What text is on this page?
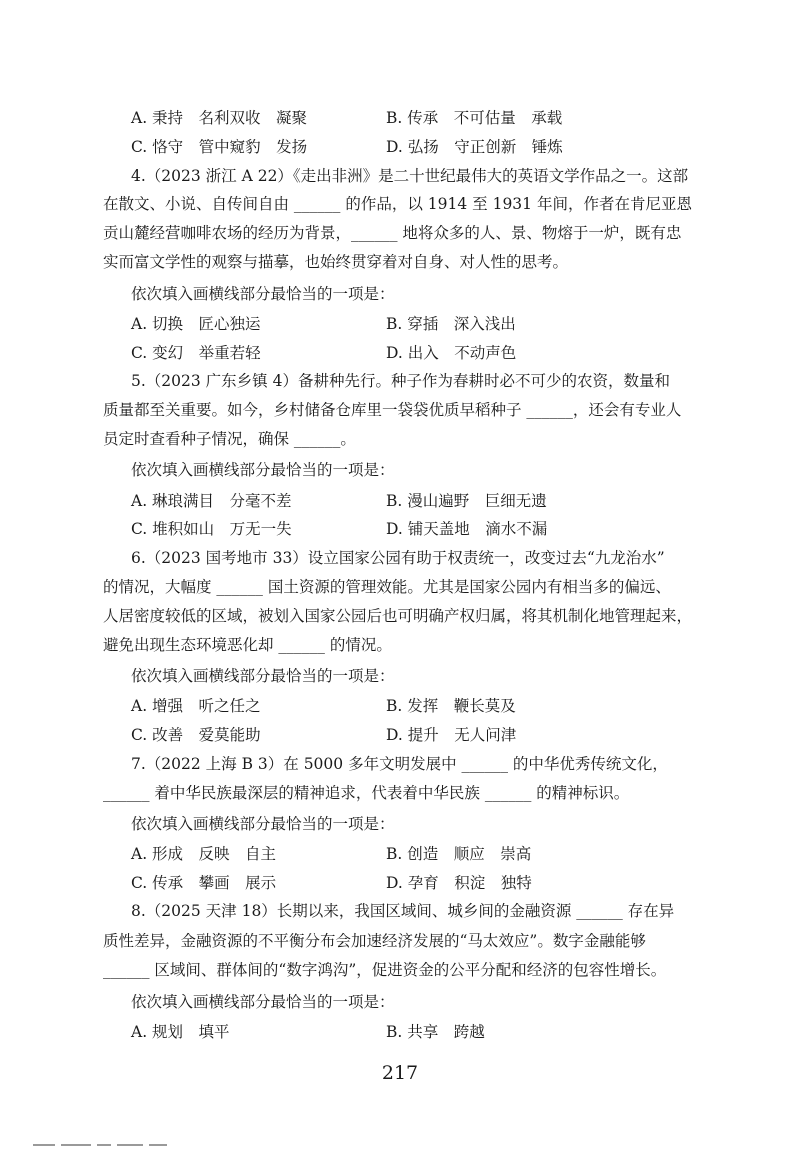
A. 秉持　名利双收　凝聚	B. 传承　不可估量　承载
C. 恪守　管中窥豹　发扬	D. 弘扬　守正创新　锤炼
4.（2023 浙江 A 22）《走出非洲》是二十世纪最伟大的英语文学作品之一。这部
在散文、小说、自传间自由 ______ 的作品，以 1914 至 1931 年间，作者在肯尼亚恩
贡山麓经营咖啡农场的经历为背景，______ 地将众多的人、景、物熔于一炉，既有忠
实而富文学性的观察与描摹，也始终贯穿着对自身、对人性的思考。
依次填入画横线部分最恰当的一项是：
A. 切换　匠心独运	B. 穿插　深入浅出
C. 变幻　举重若轻	D. 出入　不动声色
5.（2023 广东乡镇 4）备耕种先行。种子作为春耕时必不可少的农资，数量和
质量都至关重要。如今，乡村储备仓库里一袋袋优质早稻种子 ______，还会有专业人
员定时查看种子情况，确保 ______。
依次填入画横线部分最恰当的一项是：
A. 琳琅满目　分毫不差	B. 漫山遍野　巨细无遗
C. 堆积如山　万无一失	D. 铺天盖地　滴水不漏
6.（2023 国考地市 33）设立国家公园有助于权责统一，改变过去“九龙治水”
的情况，大幅度 ______ 国土资源的管理效能。尤其是国家公园内有相当多的偏远、
人居密度较低的区域，被划入国家公园后也可明确产权归属，将其机制化地管理起来，
避免出现生态环境恶化却 ______ 的情况。
依次填入画横线部分最恰当的一项是：
A. 增强　听之任之	B. 发挥　鞭长莫及
C. 改善　爱莫能助	D. 提升　无人问津
7.（2022 上海 B 3）在 5000 多年文明发展中 ______ 的中华优秀传统文化，
______ 着中华民族最深层的精神追求，代表着中华民族 ______ 的精神标识。
依次填入画横线部分最恰当的一项是：
A. 形成　反映　自主	B. 创造　顺应　崇高
C. 传承　攀画　展示	D. 孕育　积淀　独特
8.（2025 天津 18）长期以来，我国区域间、城乡间的金融资源 ______ 存在异
质性差异，金融资源的不平衡分布会加速经济发展的“马太效应”。数字金融能够
______ 区域间、群体间的“数字鸿沟”，促进资金的公平分配和经济的包容性增长。
依次填入画横线部分最恰当的一项是：
A. 规划　填平	B. 共享　跨越
217
